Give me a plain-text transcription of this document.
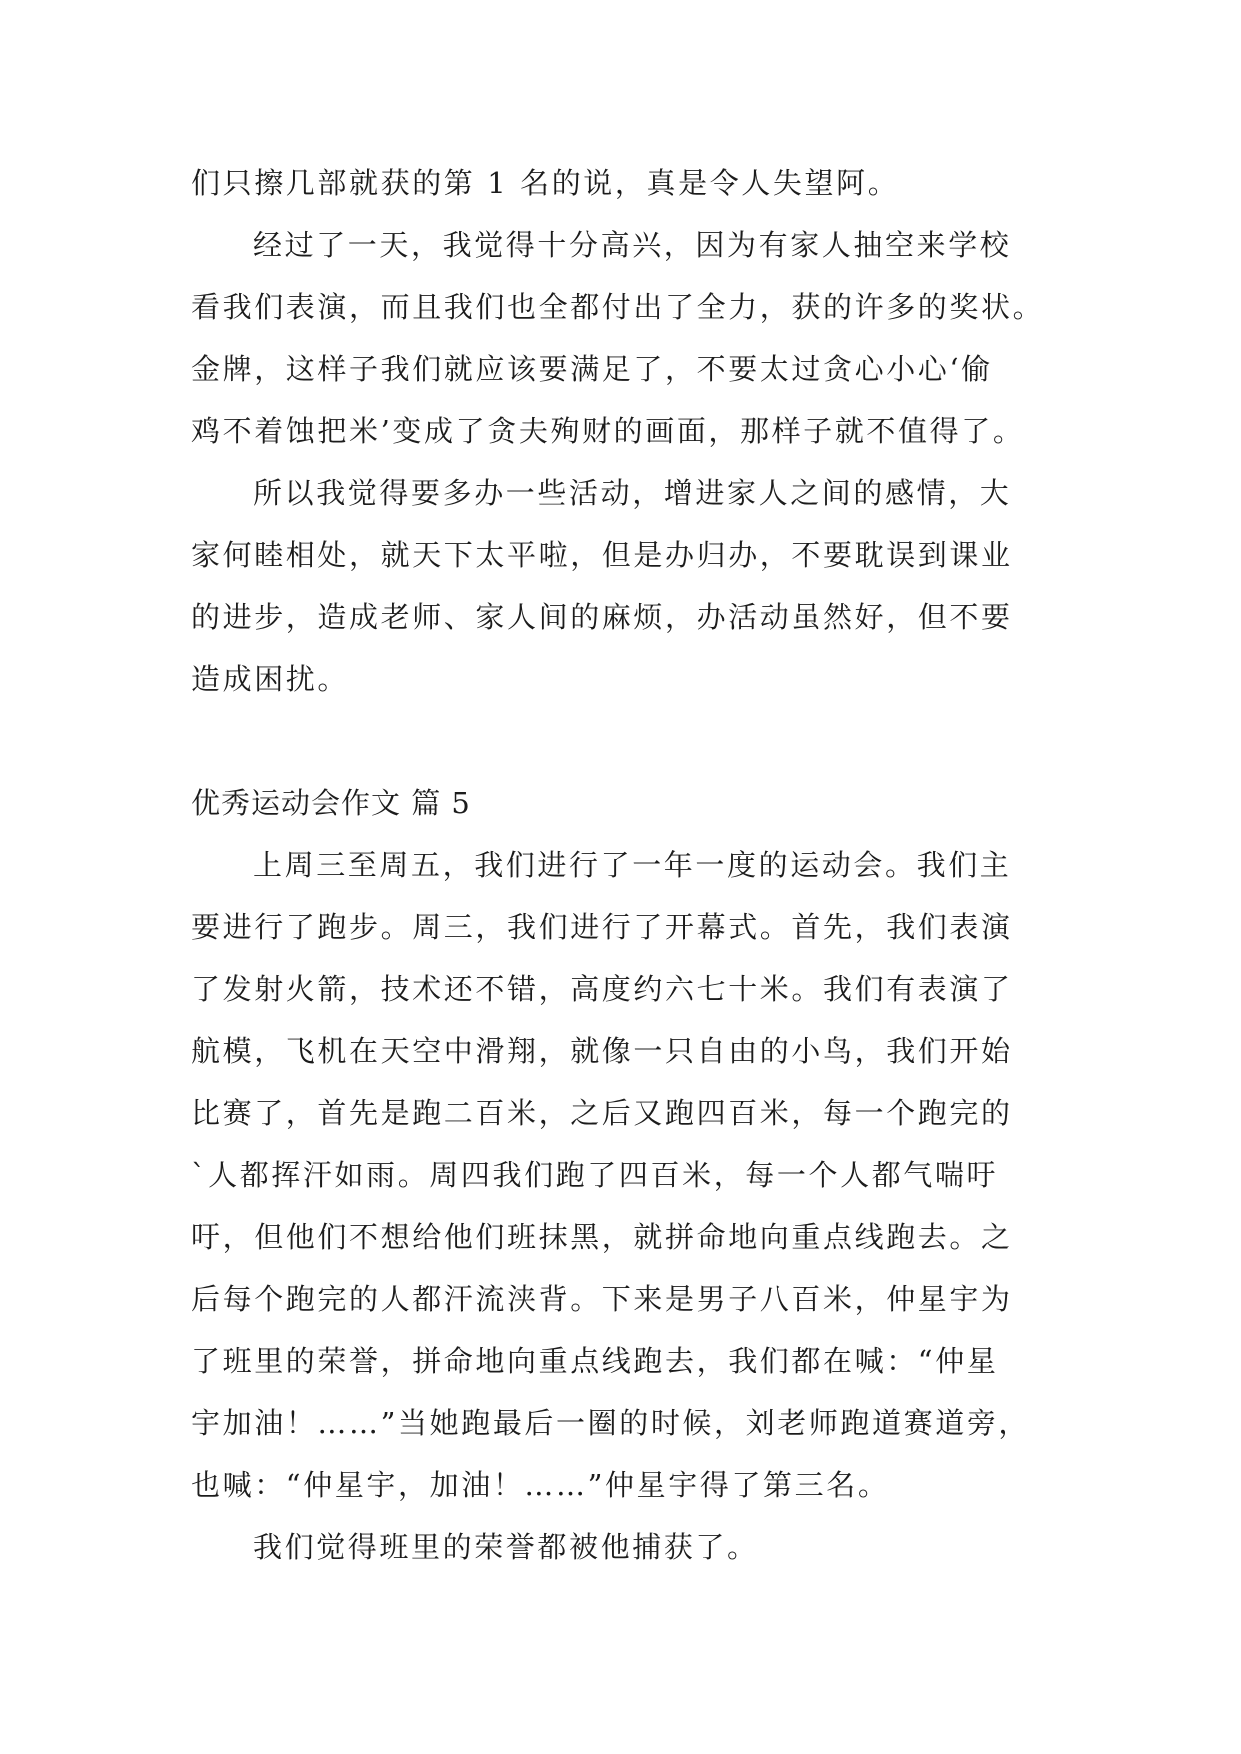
们只擦几部就获的第 1 名的说，真是令人失望阿。
经过了一天，我觉得十分高兴，因为有家人抽空来学校
看我们表演，而且我们也全都付出了全力，获的许多的奖状。
金牌，这样子我们就应该要满足了，不要太过贪心小心‘偷
鸡不着蚀把米’变成了贪夫殉财的画面，那样子就不值得了。
所以我觉得要多办一些活动，增进家人之间的感情，大
家何睦相处，就天下太平啦，但是办归办，不要耽误到课业
的进步，造成老师、家人间的麻烦，办活动虽然好，但不要
造成困扰。
优秀运动会作文 篇 5
上周三至周五，我们进行了一年一度的运动会。我们主
要进行了跑步。周三，我们进行了开幕式。首先，我们表演
了发射火箭，技术还不错，高度约六七十米。我们有表演了
航模，飞机在天空中滑翔，就像一只自由的小鸟，我们开始
比赛了，首先是跑二百米，之后又跑四百米，每一个跑完的
`人都挥汗如雨。周四我们跑了四百米，每一个人都气喘吁
吁，但他们不想给他们班抹黑，就拼命地向重点线跑去。之
后每个跑完的人都汗流浃背。下来是男子八百米，仲星宇为
了班里的荣誉，拼命地向重点线跑去，我们都在喊：“仲星
宇加油！……”当她跑最后一圈的时候，刘老师跑道赛道旁，
也喊：“仲星宇，加油！……”仲星宇得了第三名。
我们觉得班里的荣誉都被他捕获了。
